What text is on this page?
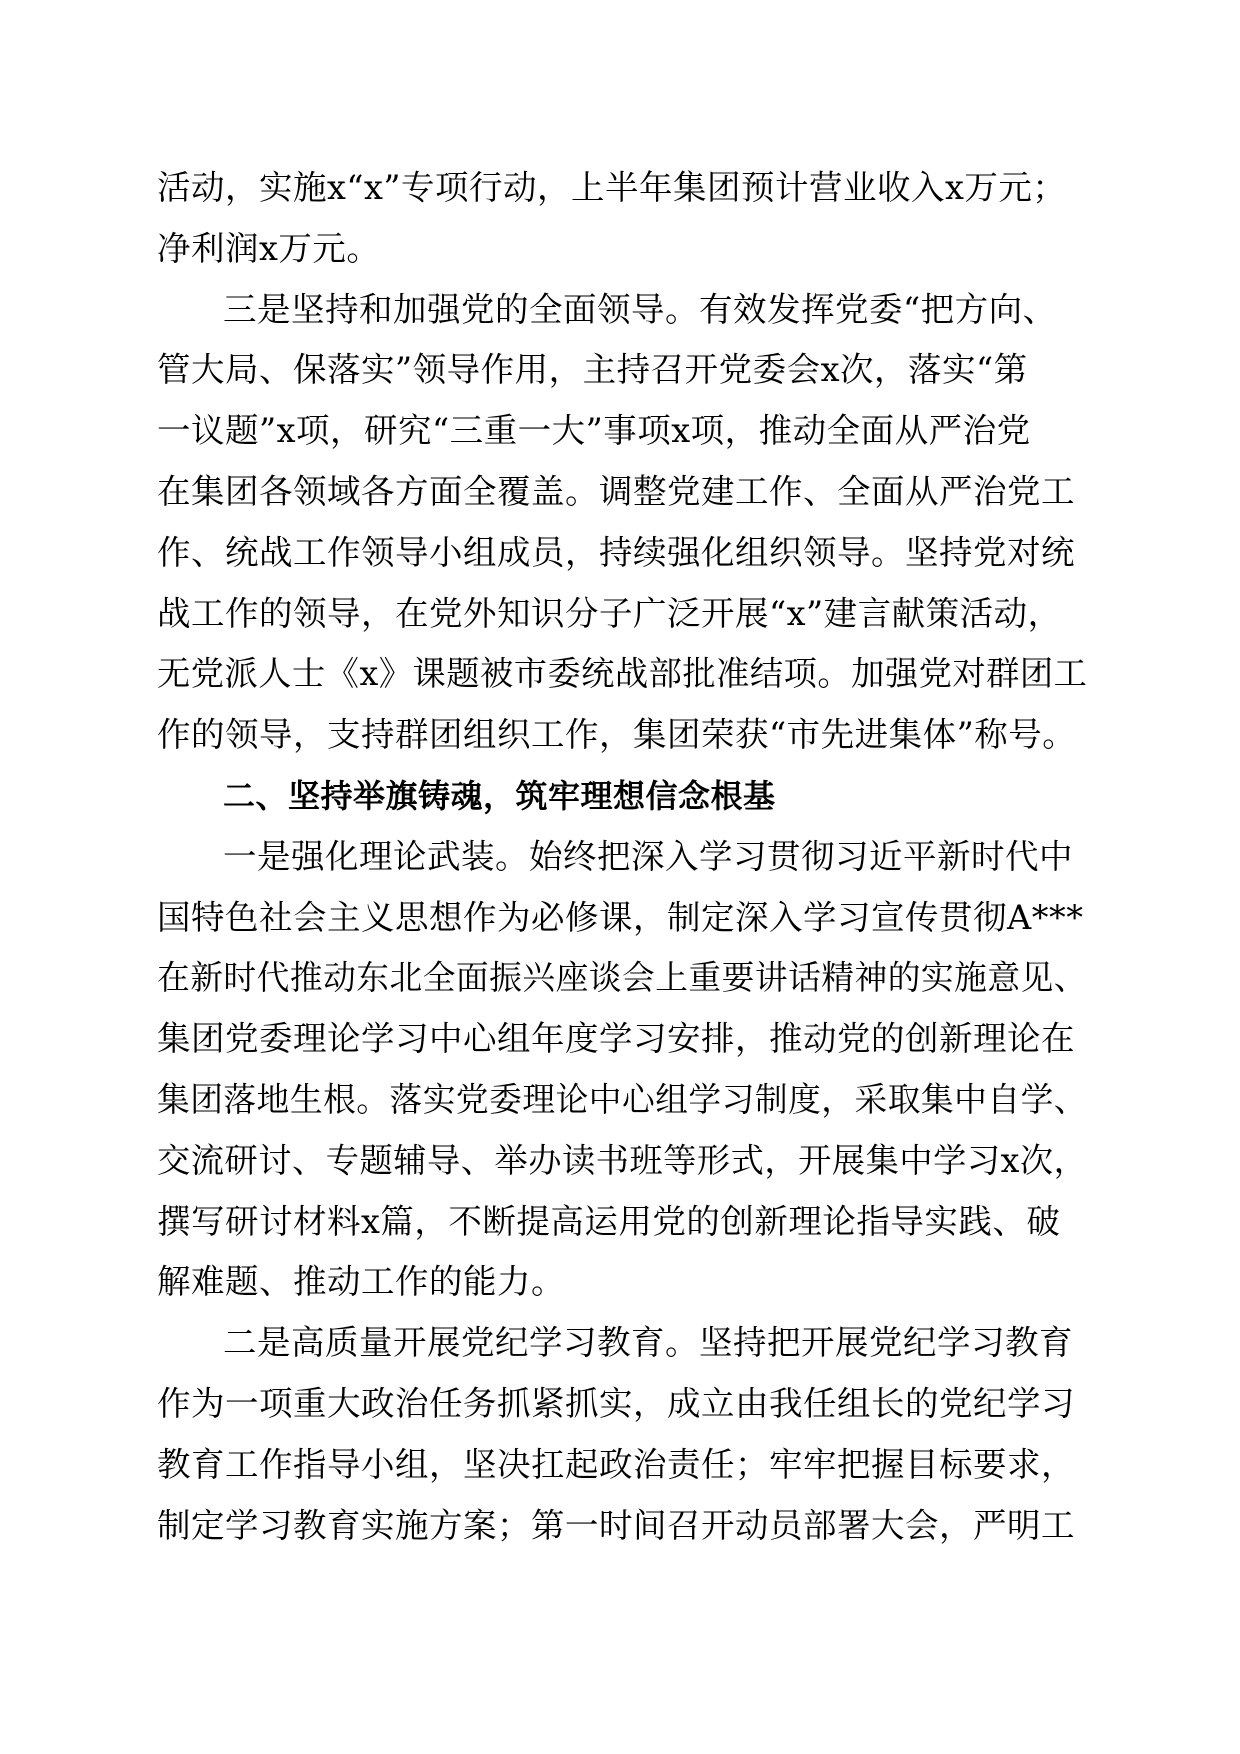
活动，实施x“x”专项行动，上半年集团预计营业收入x万元；
净利润x万元。
三是坚持和加强党的全面领导。有效发挥党委“把方向、
管大局、保落实”领导作用，主持召开党委会x次，落实“第
一议题”x项，研究“三重一大”事项x项，推动全面从严治党
在集团各领域各方面全覆盖。调整党建工作、全面从严治党工
作、统战工作领导小组成员，持续强化组织领导。坚持党对统
战工作的领导，在党外知识分子广泛开展“x”建言献策活动，
无党派人士《x》课题被市委统战部批准结项。加强党对群团工
作的领导，支持群团组织工作，集团荣获“市先进集体”称号。
二、坚持举旗铸魂，筑牢理想信念根基
一是强化理论武装。始终把深入学习贯彻习近平新时代中
国特色社会主义思想作为必修课，制定深入学习宣传贯彻A***
在新时代推动东北全面振兴座谈会上重要讲话精神的实施意见、
集团党委理论学习中心组年度学习安排，推动党的创新理论在
集团落地生根。落实党委理论中心组学习制度，采取集中自学、
交流研讨、专题辅导、举办读书班等形式，开展集中学习x次，
撰写研讨材料x篇，不断提高运用党的创新理论指导实践、破
解难题、推动工作的能力。
二是高质量开展党纪学习教育。坚持把开展党纪学习教育
作为一项重大政治任务抓紧抓实，成立由我任组长的党纪学习
教育工作指导小组，坚决扛起政治责任；牢牢把握目标要求，
制定学习教育实施方案；第一时间召开动员部署大会，严明工
